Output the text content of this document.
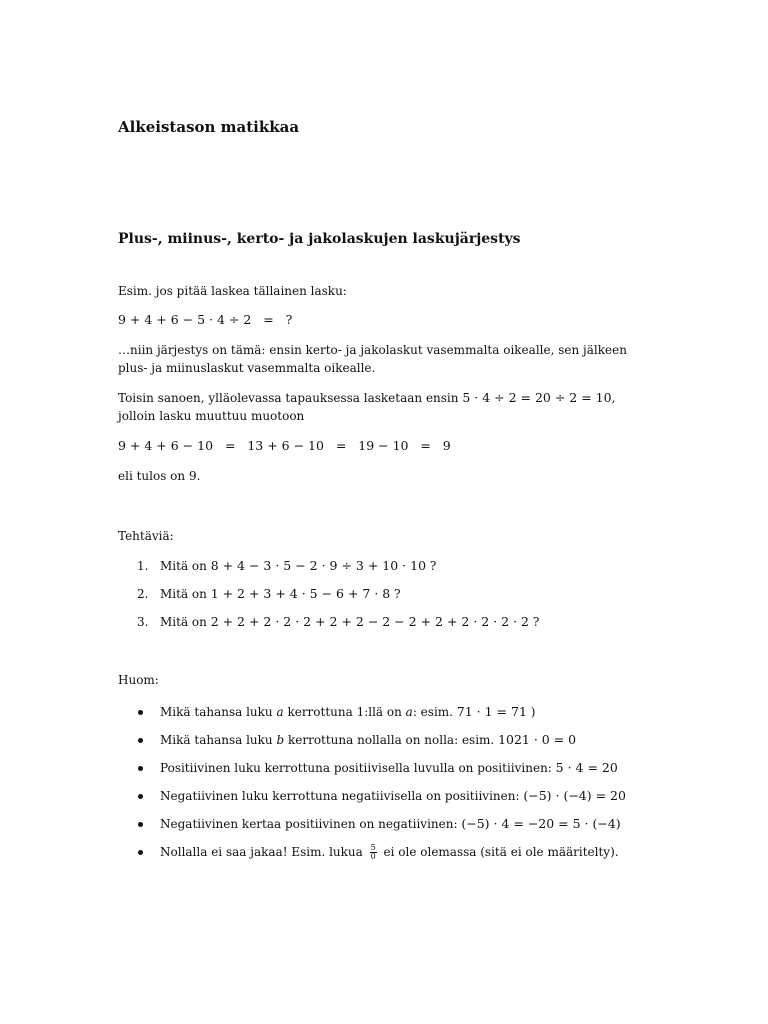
Alkeistason matikkaa
Plus-, miinus-, kerto- ja jakolaskujen laskujärjestys

Esim. jos pitää laskea tällainen lasku:

9 + 4 + 6 − 5 · 4 ÷ 2   =   ?

…niin järjestys on tämä: ensin kerto- ja jakolaskut vasemmalta oikealle, sen jälkeen plus- ja miinuslaskut vasemmalta oikealle.

Toisin sanoen, ylläolevassa tapauksessa lasketaan ensin 5 · 4 ÷ 2 = 20 ÷ 2 = 10, jolloin lasku muuttuu muotoon

9 + 4 + 6 − 10   =   13 + 6 − 10   =   19 − 10   =   9

eli tulos on 9.

Tehtäviä:

1. Mitä on 8 + 4 − 3 · 5 − 2 · 9 ÷ 3 + 10 · 10 ?
2. Mitä on 1 + 2 + 3 + 4 · 5 − 6 + 7 · 8 ?
3. Mitä on 2 + 2 + 2 · 2 · 2 + 2 + 2 − 2 − 2 + 2 + 2 · 2 · 2 · 2 ?

Huom:

Mikä tahansa luku a kerrottuna 1:llä on a: esim. 71 · 1 = 71 )
Mikä tahansa luku b kerrottuna nollalla on nolla: esim. 1021 · 0 = 0
Positiivinen luku kerrottuna positiivisella luvulla on positiivinen: 5 · 4 = 20
Negatiivinen luku kerrottuna negatiivisella on positiivinen: (−5) · (−4) = 20
Negatiivinen kertaa positiivinen on negatiivinen: (−5) · 4 = −20 = 5 · (−4)
Nollalla ei saa jakaa! Esim. lukua $\frac{5}{0}$ ei ole olemassa (sitä ei ole määritelty).
